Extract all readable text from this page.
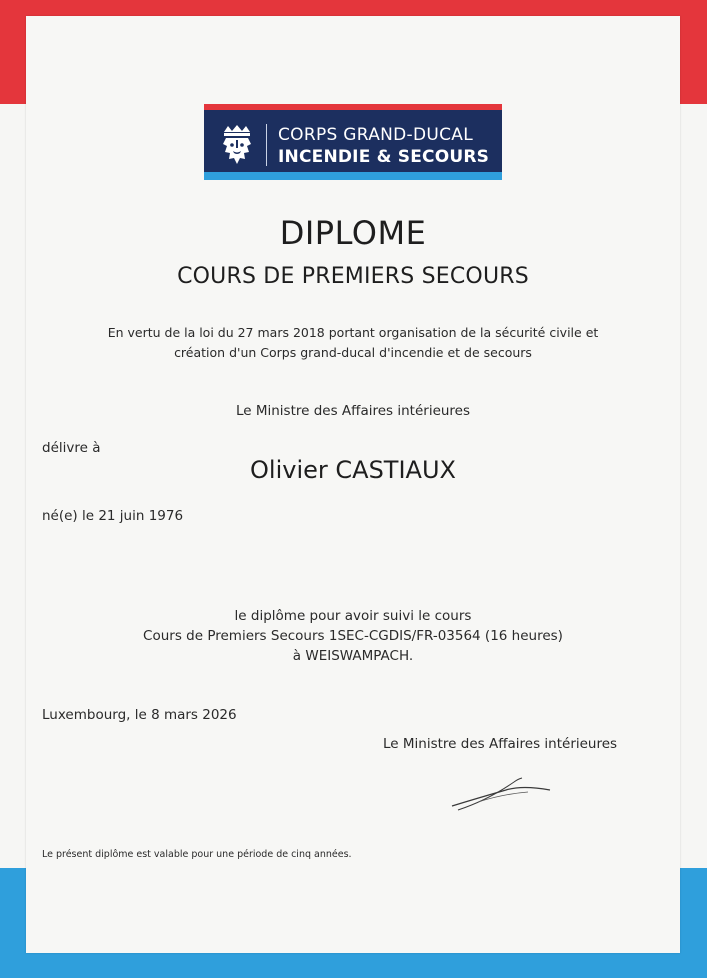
CORPS GRAND-DUCAL
INCENDIE & SECOURS
DIPLOME
COURS DE PREMIERS SECOURS
En vertu de la loi du 27 mars 2018 portant organisation de la sécurité civile et
création d'un Corps grand-ducal d'incendie et de secours
Le Ministre des Affaires intérieures
délivre à
Olivier CASTIAUX
né(e) le 21 juin 1976
le diplôme pour avoir suivi le cours
Cours de Premiers Secours 1SEC-CGDIS/FR-03564 (16 heures)
à WEISWAMPACH.
Luxembourg, le 8 mars 2026
Le Ministre des Affaires intérieures
Le présent diplôme est valable pour une période de cinq années.
